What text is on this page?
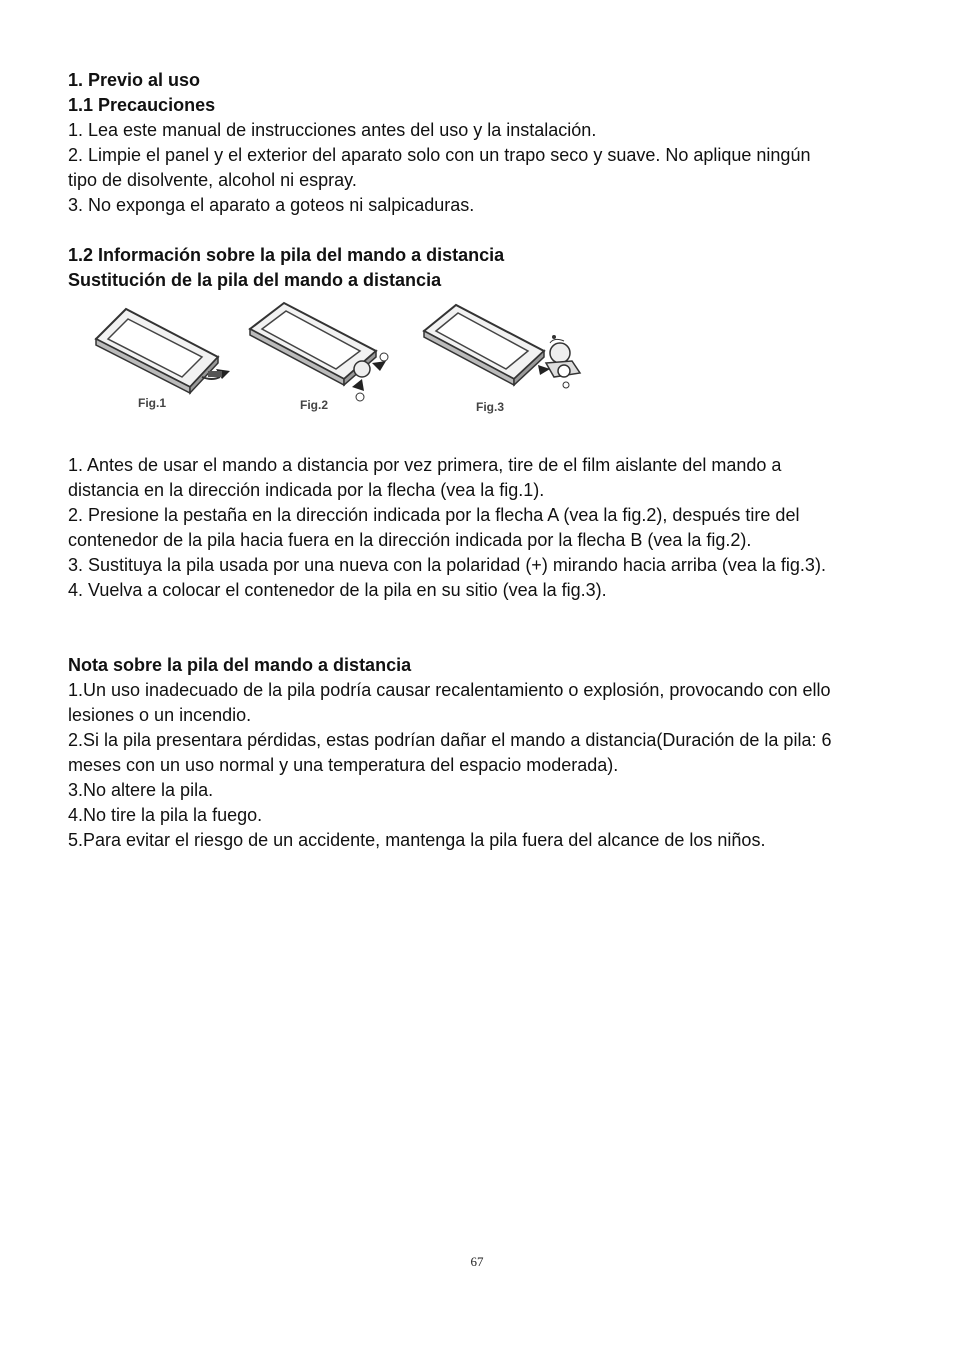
1. Previo al uso
1.1 Precauciones
1. Lea este manual de instrucciones antes del uso y la instalación.
2. Limpie el panel y el exterior del aparato solo con un trapo seco y suave. No aplique ningún
tipo de disolvente, alcohol ni espray.
3. No exponga el aparato a goteos ni salpicaduras.
1.2 Información sobre la pila del mando a distancia
Sustitución de la pila del mando a distancia
Fig.1	Fig.2	Fig.3
1. Antes de usar el mando a distancia por vez primera, tire de el film aislante del mando a
distancia en la dirección indicada por la flecha (vea la fig.1).
2. Presione la pestaña en la dirección indicada por la flecha A (vea la fig.2), después tire del
contenedor de la pila hacia fuera en la dirección indicada por la flecha B (vea la fig.2).
3. Sustituya la pila usada por una nueva con la polaridad (+) mirando hacia arriba (vea la fig.3).
4. Vuelva a colocar el contenedor de la pila en su sitio (vea la fig.3).
Nota sobre la pila del mando a distancia
1.Un uso inadecuado de la pila podría causar recalentamiento o explosión, provocando con ello
lesiones o un incendio.
2.Si la pila presentara pérdidas, estas podrían dañar el mando a distancia(Duración de la pila: 6
meses con un uso normal y una temperatura del espacio moderada).
3.No altere la pila.
4.No tire la pila la fuego.
5.Para evitar el riesgo de un accidente, mantenga la pila fuera del alcance de los niños.
67
